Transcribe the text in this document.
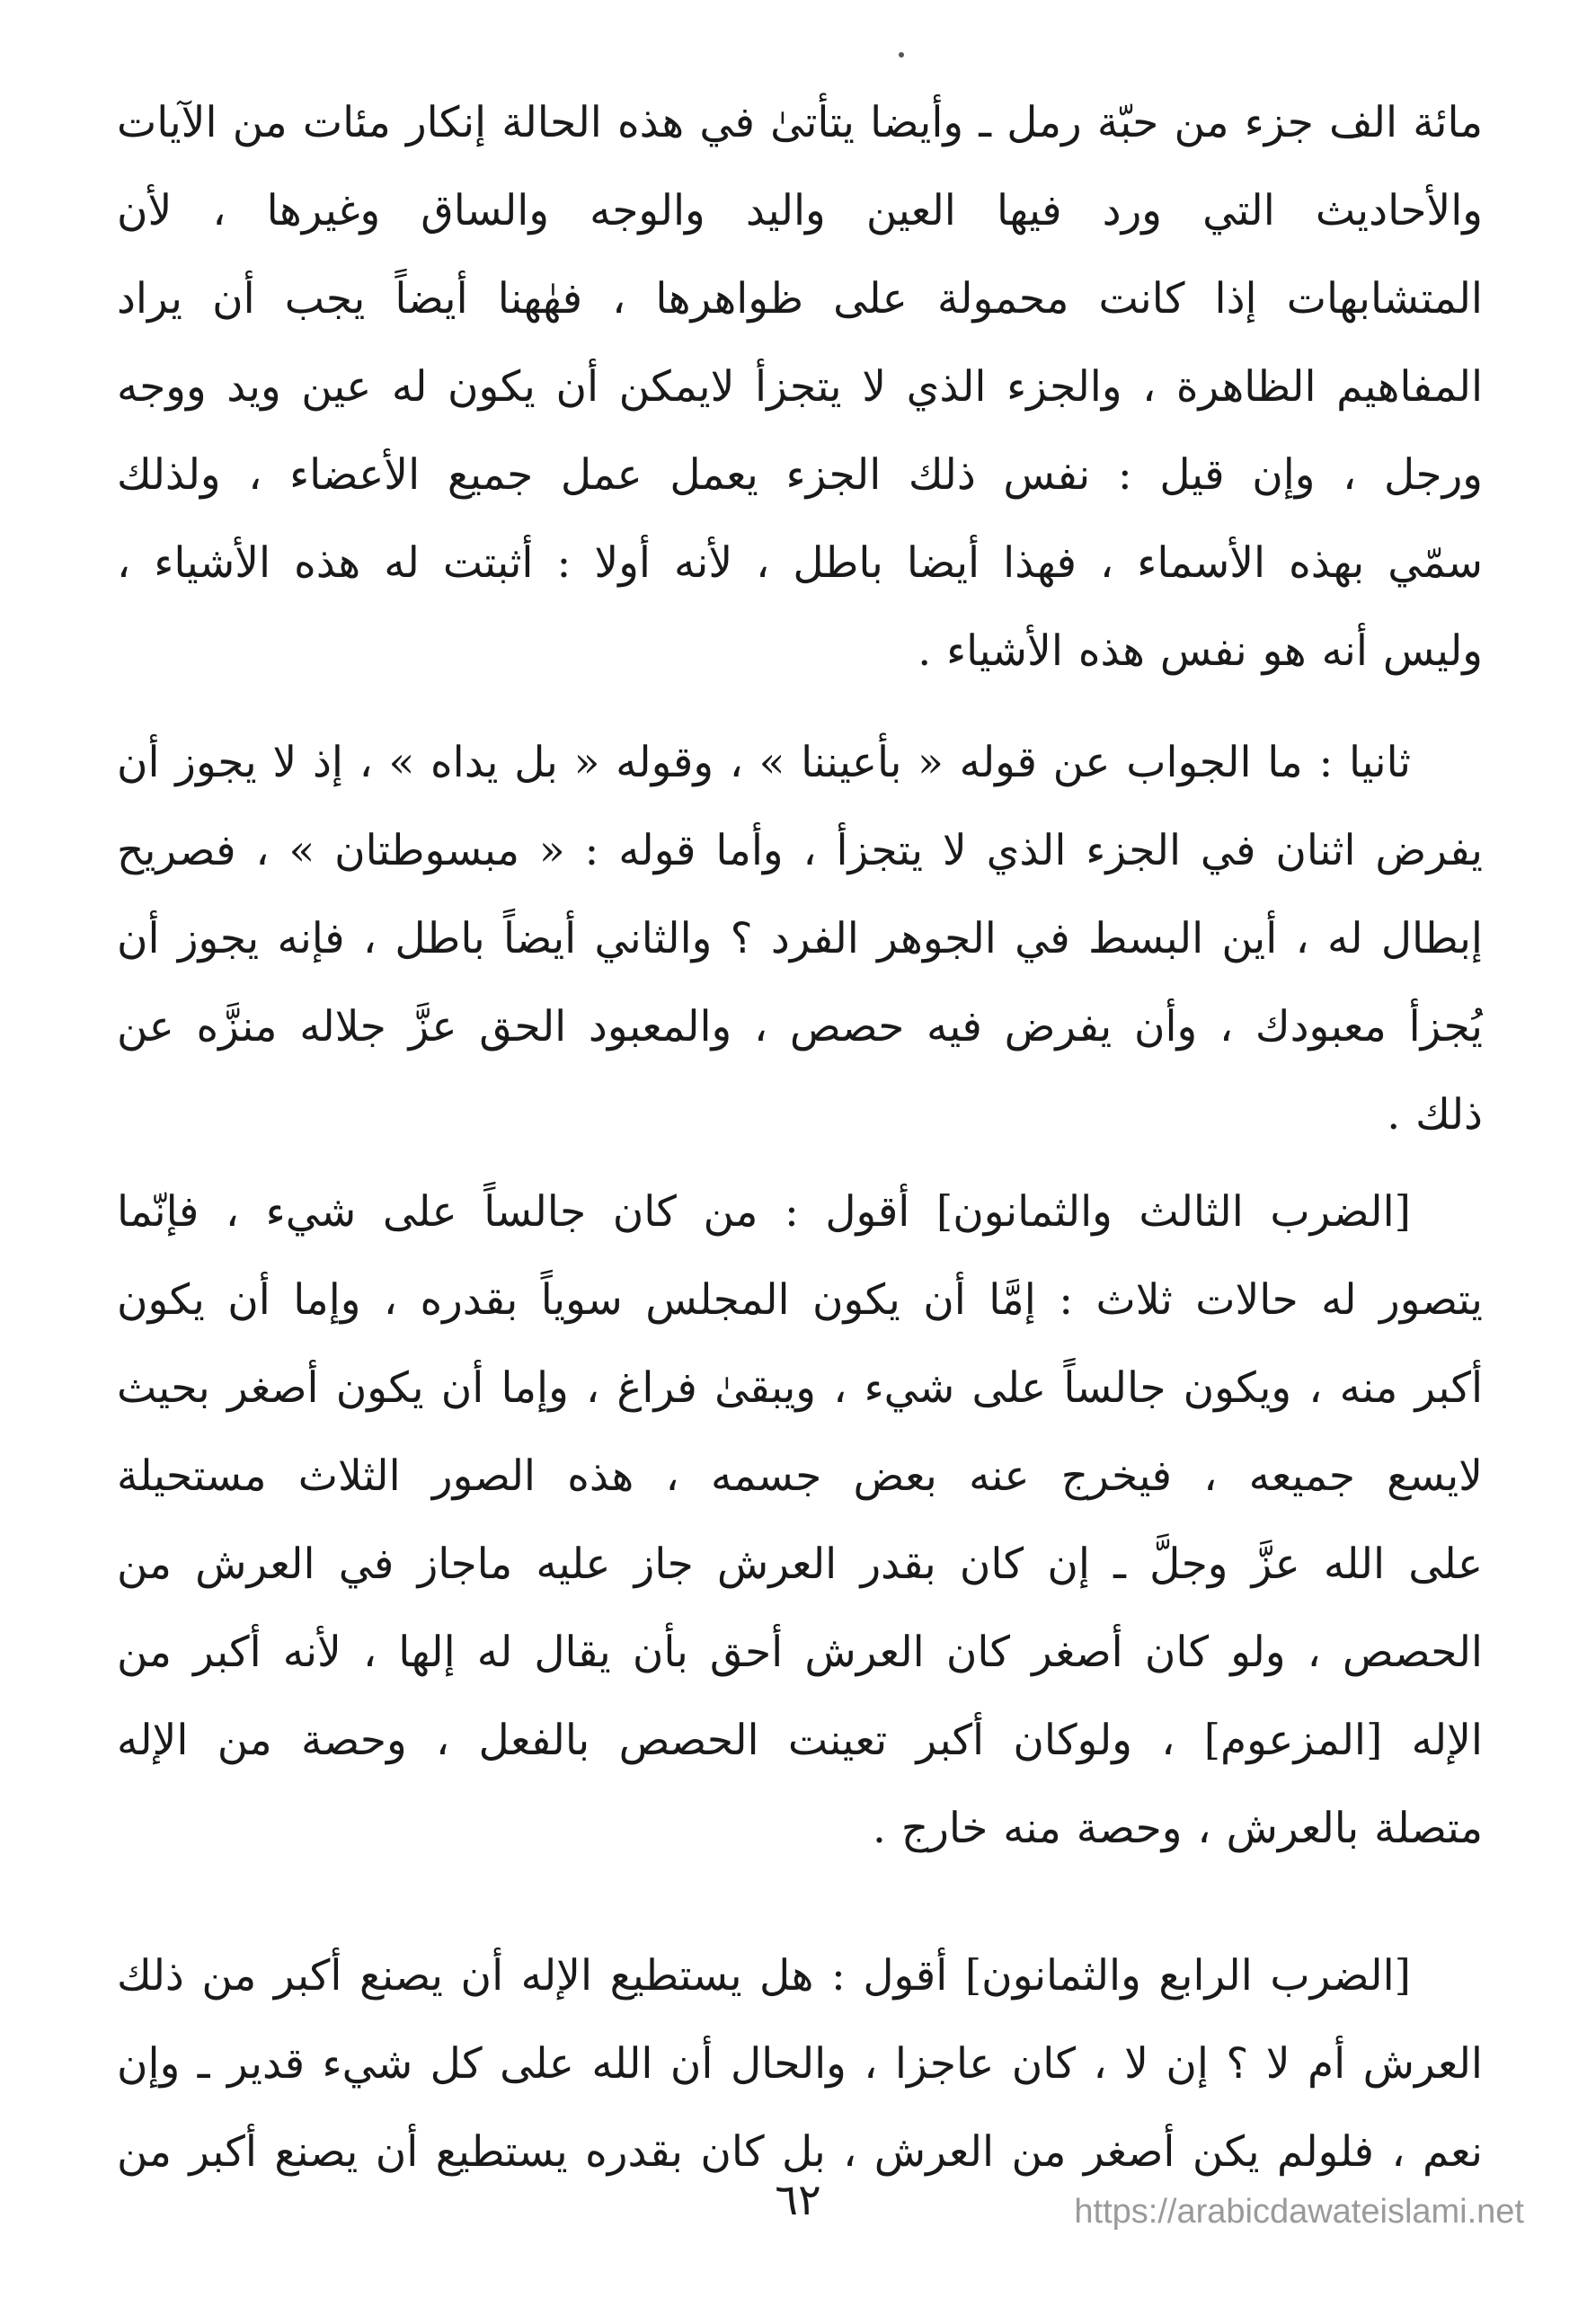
مائة الف جزء من حبّة رمل ـ وأيضا يتأتىٰ في هذه الحالة إنكار مئات من الآيات
والأحاديث التي ورد فيها العين واليد والوجه والساق وغيرها ، لأن
المتشابهات إذا كانت محمولة على ظواهرها ، فهٰهنا أيضاً يجب أن يراد
المفاهيم الظاهرة ، والجزء الذي لا يتجزأ لايمكن أن يكون له عين ويد ووجه
ورجل ، وإن قيل : نفس ذلك الجزء يعمل عمل جميع الأعضاء ، ولذلك
سمّي بهذه الأسماء ، فهذا أيضا باطل ، لأنه أولا : أثبتت له هذه الأشياء ،
وليس أنه هو نفس هذه الأشياء .
ثانيا : ما الجواب عن قوله « بأعيننا » ، وقوله « بل يداه » ، إذ لا يجوز أن
يفرض اثنان في الجزء الذي لا يتجزأ ، وأما قوله : « مبسوطتان » ، فصريح
إبطال له ، أين البسط في الجوهر الفرد ؟ والثاني أيضاً باطل ، فإنه يجوز أن
يُجزأ معبودك ، وأن يفرض فيه حصص ، والمعبود الحق عزَّ جلاله منزَّه عن
ذلك .
[الضرب الثالث والثمانون] أقول : من كان جالساً على شيء ، فإنّما
يتصور له حالات ثلاث : إمَّا أن يكون المجلس سوياً بقدره ، وإما أن يكون
أكبر منه ، ويكون جالساً على شيء ، ويبقىٰ فراغ ، وإما أن يكون أصغر بحيث
لايسع جميعه ، فيخرج عنه بعض جسمه ، هذه الصور الثلاث مستحيلة
على الله عزَّ وجلَّ ـ إن كان بقدر العرش جاز عليه ماجاز في العرش من
الحصص ، ولو كان أصغر كان العرش أحق بأن يقال له إلها ، لأنه أكبر من
الإله [المزعوم] ، ولوكان أكبر تعينت الحصص بالفعل ، وحصة من الإله
متصلة بالعرش ، وحصة منه خارج .
[الضرب الرابع والثمانون] أقول : هل يستطيع الإله أن يصنع أكبر من ذلك
العرش أم لا ؟ إن لا ، كان عاجزا ، والحال أن الله على كل شيء قدير ـ وإن
نعم ، فلولم يكن أصغر من العرش ، بل كان بقدره يستطيع أن يصنع أكبر من
٦٢	https://arabicdawateislami.net
